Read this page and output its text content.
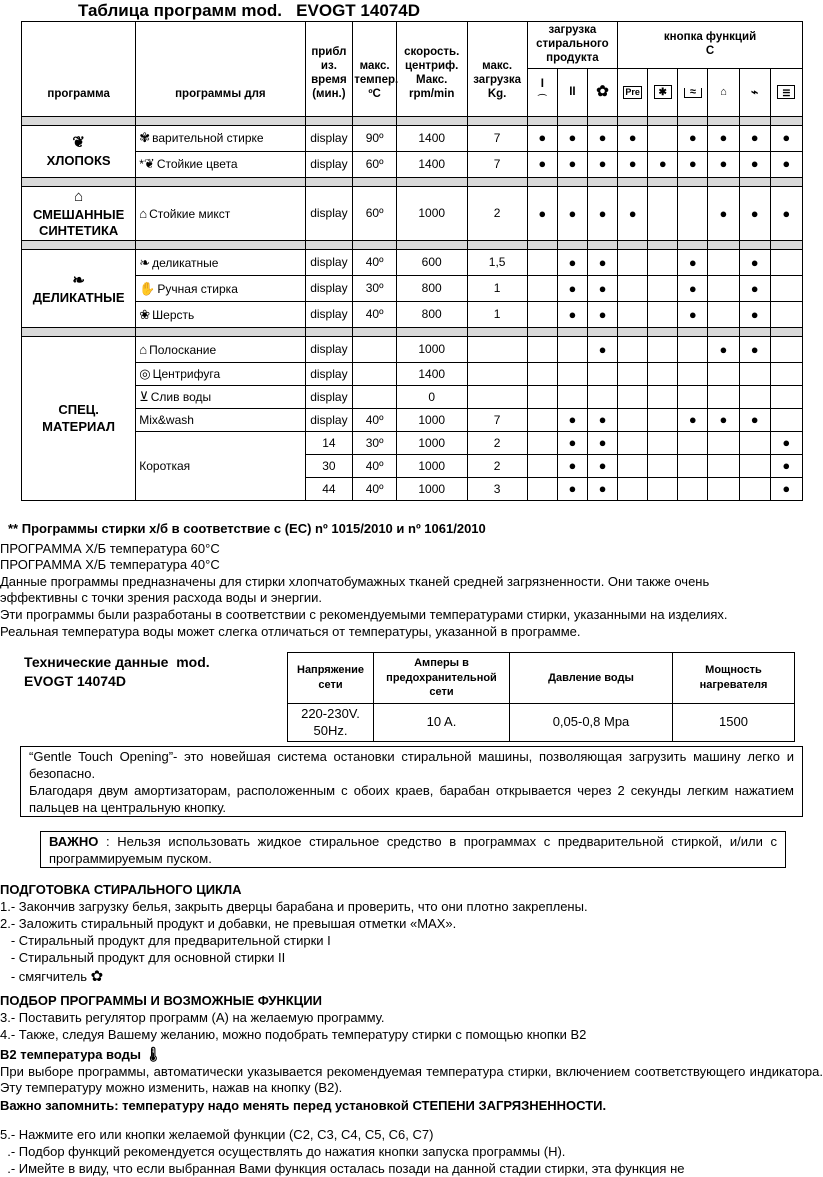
Таблица программ mod.   EVOGT 14074D
программа	программы для	прибл из. время (мин.)	макс. темпер. ºC	скорость. центриф. Макс. rpm/min	макс. загрузка Kg.	загрузка стирального продукта			кнопка функций
C					

						I
⌒	II	✿	Pre	✱	≈	⌂	⌁	☰

❦
ХЛОПОКЅ	✾ варительной стирке	display	90º	1400	7	●	●	●	●		●	●	●	●
	*❦ Стойкие цвета	display	60º	1400	7	●	●	●	●	●	●	●	●	●

⌂
СМЕШАННЫЕ СИНТЕТИКА	⌂ Стойкие микст	display	60º	1000	2	●	●	●	●			●	●	●

❧
ДЕЛИКАТНЫЕ	❧ деликатные	display	40º	600	1,5		●	●			●		●	
	✋ Ручная стирка	display	30º	800	1		●	●			●		●	
	❀ Шерсть	display	40º	800	1		●	●			●		●	

СПЕЦ. МАТЕРИАЛ	⌂ Полоскание	display		1000				●				●	●	
	◎ Центрифуга	display		1400										
	⊻ Слив воды	display		0										
	Mix&wash	display	40º	1000	7		●	●			●	●	●	
	Короткая	14	30º	1000	2		●	●						●
		30	40º	1000	2		●	●						●
		44	40º	1000	3		●	●						●
** Программы стирки х/б в соответствие с (EC) nº 1015/2010 и nº 1061/2010
ПРОГРАММА Х/Б температура 60°C
ПРОГРАММА Х/Б температура 40°C
Данные программы предназначены для стирки хлопчатобумажных тканей средней загрязненности. Они также очень
эффективны с точки зрения расхода воды и энергии.
Эти программы были разработаны в соответствии с рекомендуемыми температурами стирки, указанными на изделиях.
Реальная температура воды может слегка отличаться от температуры, указанной в программе.
Технические данные  mod.
EVOGT 14074D
Напряжение сети	Амперы в предохранительной сети	Давление воды	Мощность нагревателя
220-230V. 50Hz.	10 A.	0,05-0,8 Mpa	1500
“Gentle Touch Opening”- это новейшая система остановки стиральной машины, позволяющая загрузить машину легко и безопасно.
Благодаря двум амортизаторам, расположенным с обоих краев, барабан открывается через 2 секунды легким нажатием пальцев на центральную кнопку.
ВАЖНО : Нельзя использовать жидкое стиральное средство в программах с предварительной стиркой, и/или с программируемым пуском.
ПОДГОТОВКА СТИРАЛЬНОГО ЦИКЛА
1.- Закончив загрузку белья, закрыть дверцы барабана и проверить, что они плотно закреплены.
2.- Заложить стиральный продукт и добавки, не превышая отметки «MAX».
- Стиральный продукт для предварительной стирки I
- Стиральный продукт для основной стирки II
- смягчитель ✿
ПОДБОР ПРОГРАММЫ И ВОЗМОЖНЫЕ ФУНКЦИИ
3.- Поставить регулятор программ (A) на желаемую программу.
4.- Также, следуя Вашему желанию, можно подобрать температуру стирки с помощью кнопки B2
B2 температура воды 🌡
При выборе программы, автоматически указывается рекомендуемая температура стирки, включением соответствующего индикатора. Эту температуру можно изменить, нажав на кнопку (B2).
Важно запомнить: температуру надо менять перед установкой СТЕПЕНИ ЗАГРЯЗНЕННОСТИ.
5.- Нажмите его или кнопки желаемой функции (C2, C3, C4, C5, C6, C7)
.- Подбор функций рекомендуется осуществлять до нажатия кнопки запуска программы (H).
.- Имейте в виду, что если выбранная Вами функция осталась позади на данной стадии стирки, эта функция не
